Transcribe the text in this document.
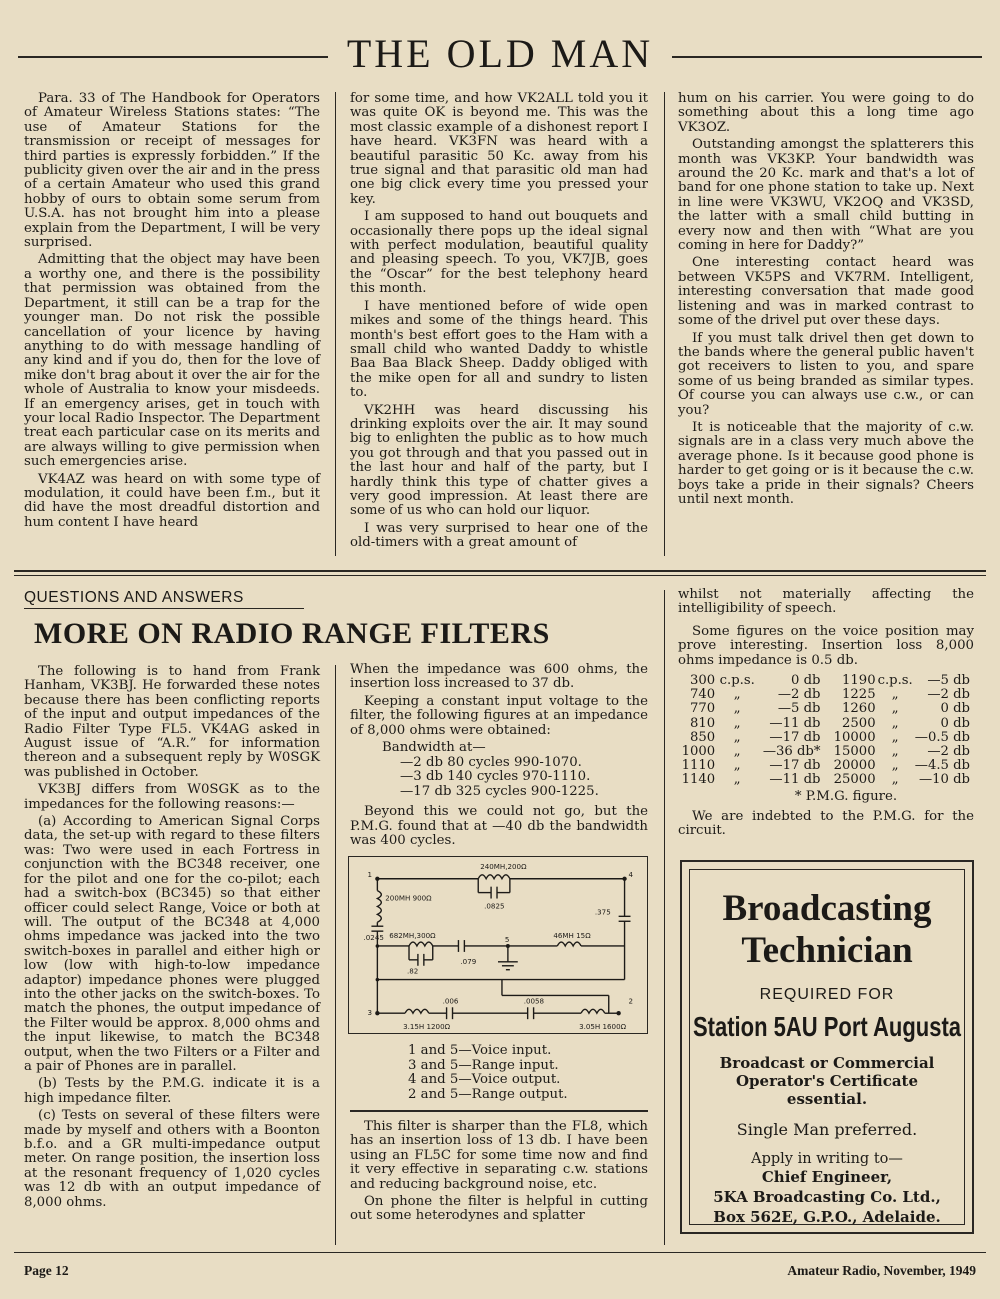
THE OLD MAN

Para. 33 of The Handbook for Operators of Amateur Wireless Stations states: “The use of Amateur Stations for the transmission or receipt of messages for third parties is expressly forbidden.” If the publicity given over the air and in the press of a certain Amateur who used this grand hobby of ours to obtain some serum from U.S.A. has not brought him into a please explain from the Department, I will be very surprised.

Admitting that the object may have been a worthy one, and there is the possibility that permission was obtained from the Department, it still can be a trap for the younger man. Do not risk the possible cancellation of your licence by having anything to do with message handling of any kind and if you do, then for the love of mike don't brag about it over the air for the whole of Australia to know your misdeeds. If an emergency arises, get in touch with your local Radio Inspector. The Department treat each particular case on its merits and are always willing to give permission when such emergencies arise.

VK4AZ was heard on with some type of modulation, it could have been f.m., but it did have the most dreadful distortion and hum content I have heard

for some time, and how VK2ALL told you it was quite OK is beyond me. This was the most classic example of a dishonest report I have heard. VK3FN was heard with a beautiful parasitic 50 Kc. away from his true signal and that parasitic old man had one big click every time you pressed your key.

I am supposed to hand out bouquets and occasionally there pops up the ideal signal with perfect modulation, beautiful quality and pleasing speech. To you, VK7JB, goes the “Oscar” for the best telephony heard this month.

I have mentioned before of wide open mikes and some of the things heard. This month's best effort goes to the Ham with a small child who wanted Daddy to whistle Baa Baa Black Sheep. Daddy obliged with the mike open for all and sundry to listen to.

VK2HH was heard discussing his drinking exploits over the air. It may sound big to enlighten the public as to how much you got through and that you passed out in the last hour and half of the party, but I hardly think this type of chatter gives a very good impression. At least there are some of us who can hold our liquor.

I was very surprised to hear one of the old-timers with a great amount of

hum on his carrier. You were going to do something about this a long time ago VK3OZ.

Outstanding amongst the splatterers this month was VK3KP. Your bandwidth was around the 20 Kc. mark and that's a lot of band for one phone station to take up. Next in line were VK3WU, VK2OQ and VK3SD, the latter with a small child butting in every now and then with “What are you coming in here for Daddy?”

One interesting contact heard was between VK5PS and VK7RM. Intelligent, interesting conversation that made good listening and was in marked contrast to some of the drivel put over these days.

If you must talk drivel then get down to the bands where the general public haven't got receivers to listen to you, and spare some of us being branded as similar types. Of course you can always use c.w., or can you?

It is noticeable that the majority of c.w. signals are in a class very much above the average phone. Is it because good phone is harder to get going or is it because the c.w. boys take a pride in their signals? Cheers until next month.

QUESTIONS AND ANSWERS
MORE ON RADIO RANGE FILTERS

The following is to hand from Frank Hanham, VK3BJ. He forwarded these notes because there has been conflicting reports of the input and output impedances of the Radio Filter Type FL5. VK4AG asked in August issue of “A.R.” for information thereon and a subsequent reply by W0SGK was published in October.

VK3BJ differs from W0SGK as to the impedances for the following reasons:—

(a) According to American Signal Corps data, the set-up with regard to these filters was: Two were used in each Fortress in conjunction with the BC348 receiver, one for the pilot and one for the co-pilot; each had a switch-box (BC345) so that either officer could select Range, Voice or both at will. The output of the BC348 at 4,000 ohms impedance was jacked into the two switch-boxes in parallel and either high or low (low with high-to-low impedance adaptor) impedance phones were plugged into the other jacks on the switch-boxes. To match the phones, the output impedance of the Filter would be approx. 8,000 ohms and the input likewise, to match the BC348 output, when the two Filters or a Filter and a pair of Phones are in parallel.

(b) Tests by the P.M.G. indicate it is a high impedance filter.

(c) Tests on several of these filters were made by myself and others with a Boonton b.f.o. and a GR multi-impedance output meter. On range position, the insertion loss at the resonant frequency of 1,020 cycles was 12 db with an output impedance of 8,000 ohms.

When the impedance was 600 ohms, the insertion loss increased to 37 db.

Keeping a constant input voltage to the filter, the following figures at an impedance of 8,000 ohms were obtained:

Bandwidth at—
—2 db 80 cycles 990-1070.
—3 db 140 cycles 970-1110.
—17 db 325 cycles 900-1225.

Beyond this we could not go, but the P.M.G. found that at —40 db the bandwidth was 400 cycles.

240MH,200Ω
.0825
200MH 900Ω
.0245 682MH,300Ω
.82
.079
46MH 15Ω
.375
.006	.0058
3.15H 1200Ω	3.05H 1600Ω
1
2
3
4
5
1 and 5—Voice input.
3 and 5—Range input.
4 and 5—Voice output.
2 and 5—Range output.

This filter is sharper than the FL8, which has an insertion loss of 13 db. I have been using an FL5C for some time now and find it very effective in separating c.w. stations and reducing background noise, etc.

On phone the filter is helpful in cutting out some heterodynes and splatter

whilst not materially affecting the intelligibility of speech.

Some figures on the voice position may prove interesting. Insertion loss 8,000 ohms impedance is 0.5 db.

300	c.p.s.	0 db	1190	c.p.s.	—5 db
740	„	—2 db	1225	„	—2 db
770	„	—5 db	1260	„	0 db
810	„	—11 db	2500	„	0 db
850	„	—17 db	10000	„	—0.5 db
1000	„	—36 db*	15000	„	—2 db
1110	„	—17 db	20000	„	—4.5 db
1140	„	—11 db	25000	„	—10 db
* P.M.G. figure.

We are indebted to the P.M.G. for the circuit.

Broadcasting
Technician
REQUIRED FOR
Station 5AU Port Augusta
Broadcast or Commercial
Operator's Certificate
essential.
Single Man preferred.
Apply in writing to—
Chief Engineer,
5KA Broadcasting Co. Ltd.,
Box 562E, G.P.O., Adelaide.
Page 12	Amateur Radio, November, 1949
